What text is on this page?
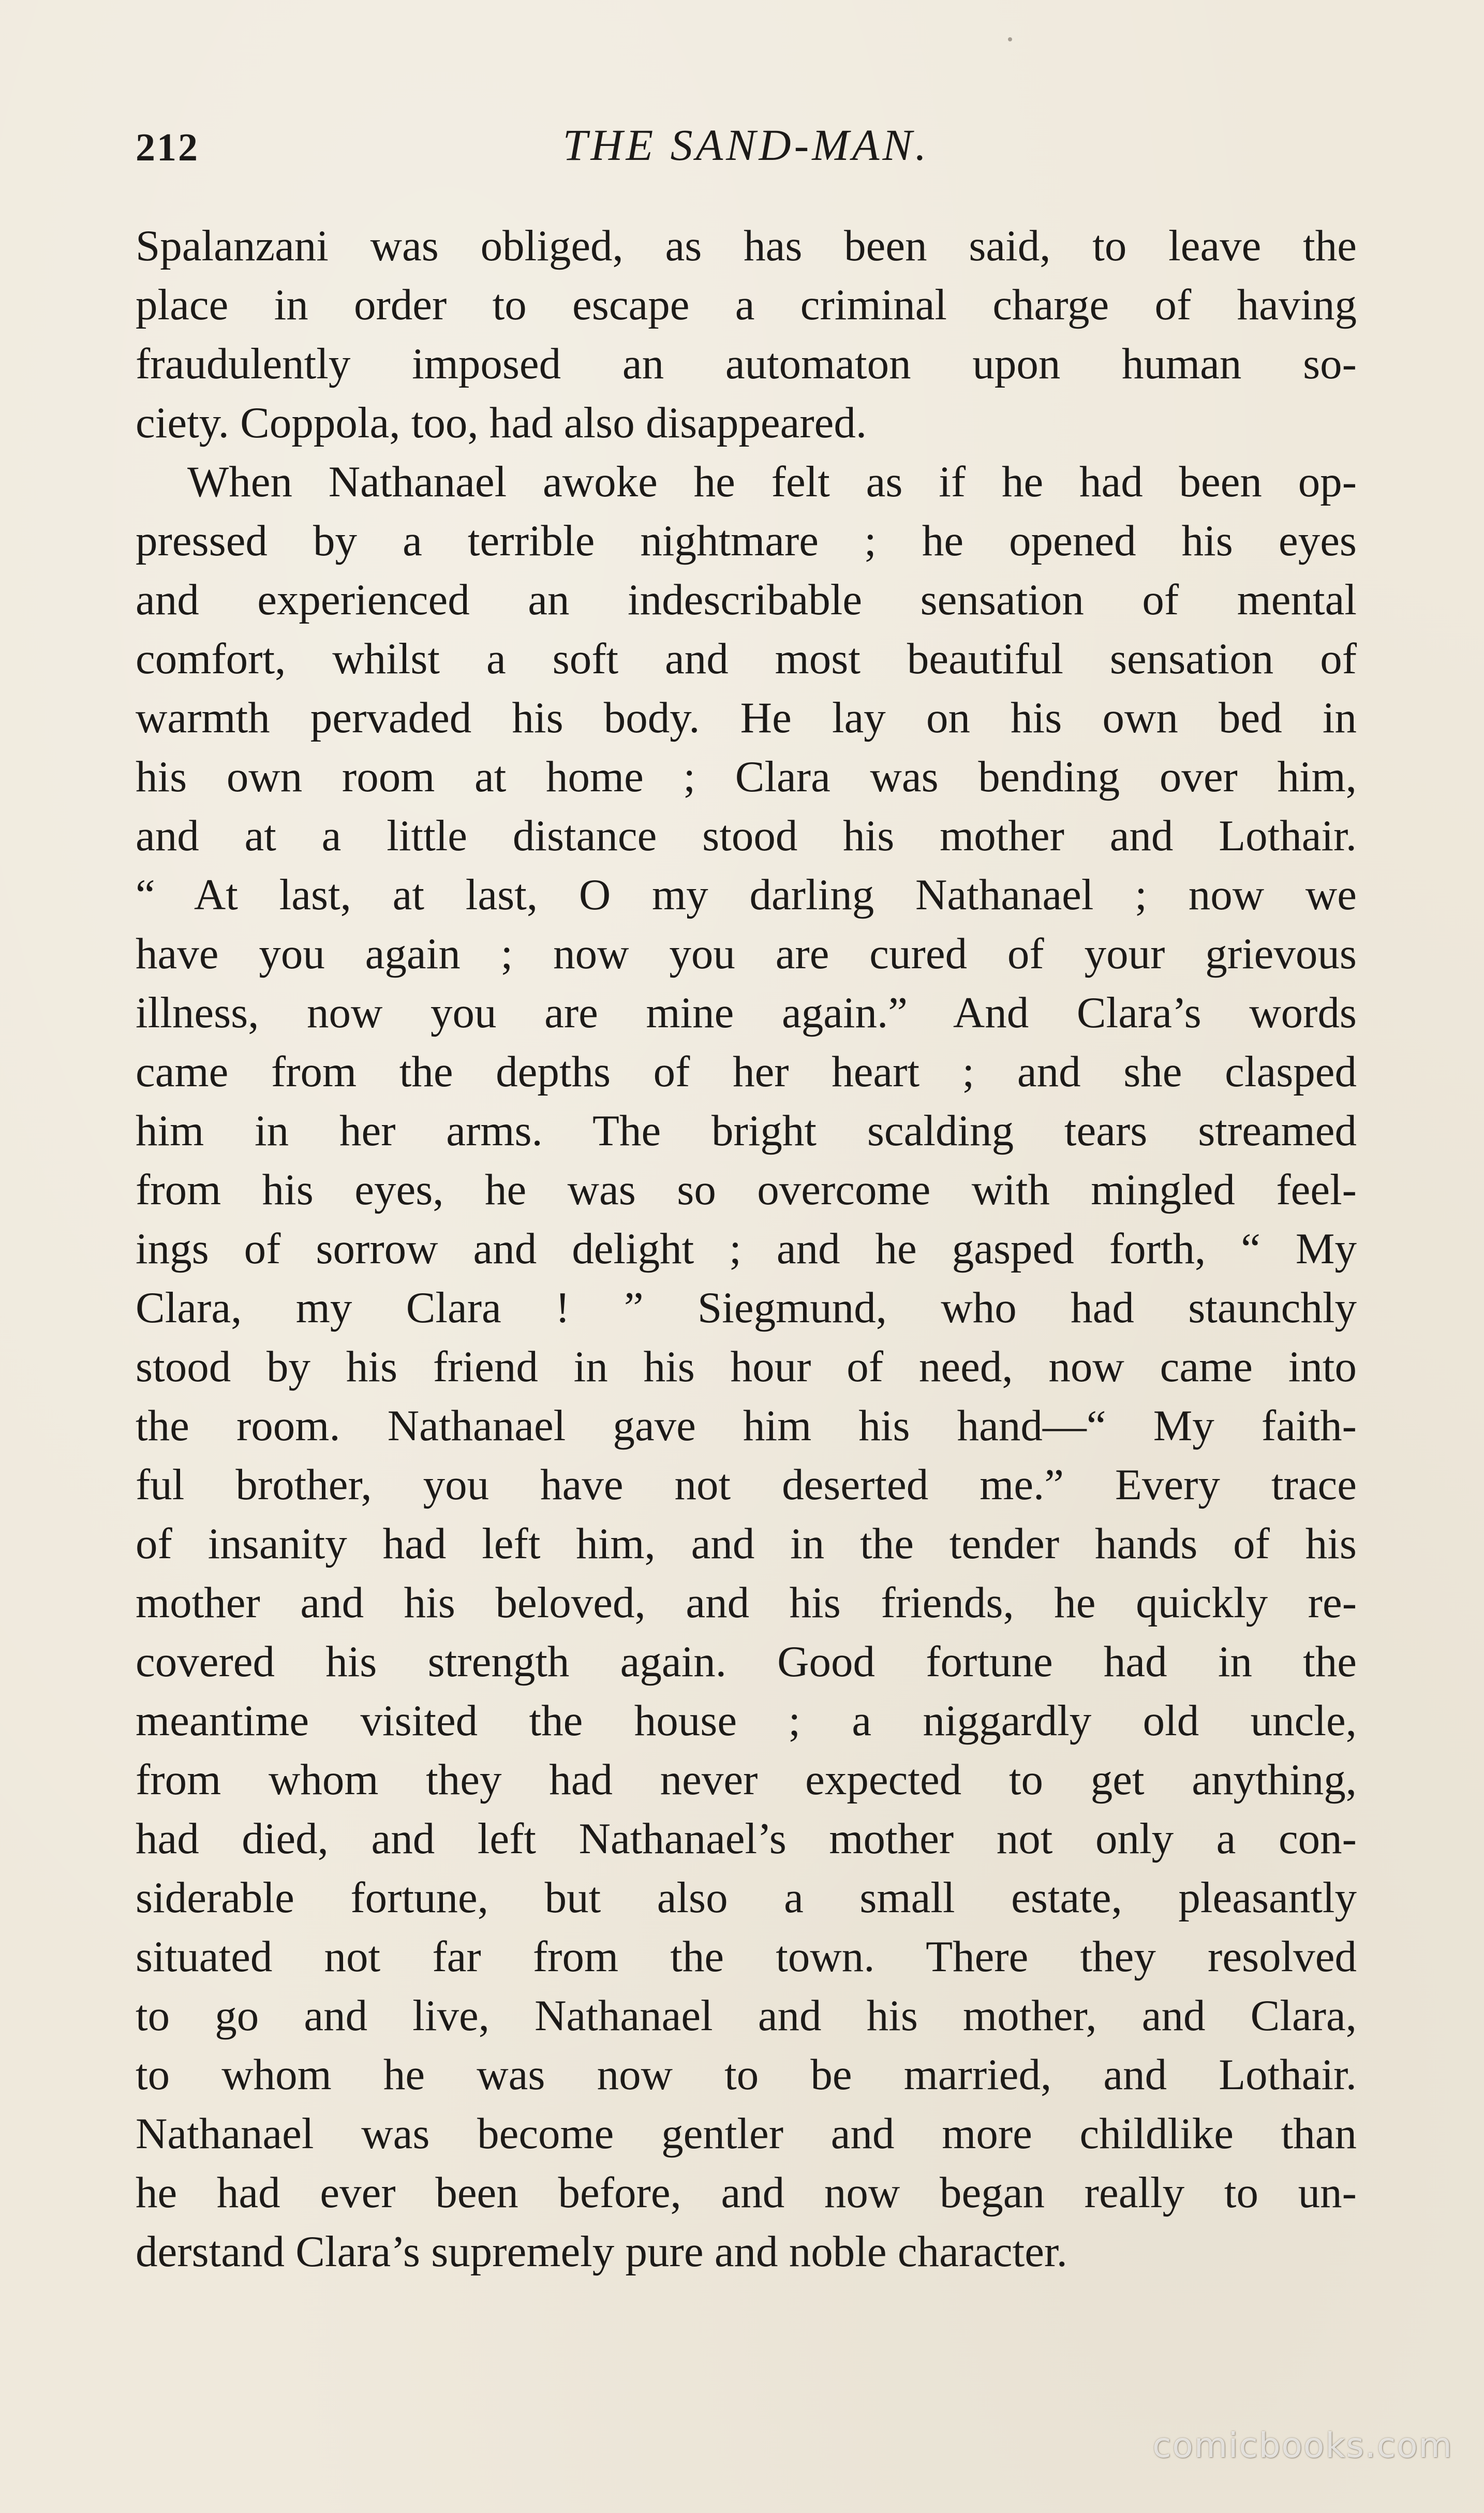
212	THE SAND-MAN.
Spalanzani was obliged, as has been said, to leave the
place in order to escape a criminal charge of having
fraudulently imposed an automaton upon human so-
ciety. Coppola, too, had also disappeared.
When Nathanael awoke he felt as if he had been op-
pressed by a terrible nightmare ; he opened his eyes
and experienced an indescribable sensation of mental
comfort, whilst a soft and most beautiful sensation of
warmth pervaded his body. He lay on his own bed in
his own room at home ; Clara was bending over him,
and at a little distance stood his mother and Lothair.
“ At last, at last, O my darling Nathanael ; now we
have you again ; now you are cured of your grievous
illness, now you are mine again.” And Clara’s words
came from the depths of her heart ; and she clasped
him in her arms. The bright scalding tears streamed
from his eyes, he was so overcome with mingled feel-
ings of sorrow and delight ; and he gasped forth, “ My
Clara, my Clara ! ” Siegmund, who had staunchly
stood by his friend in his hour of need, now came into
the room. Nathanael gave him his hand—“ My faith-
ful brother, you have not deserted me.” Every trace
of insanity had left him, and in the tender hands of his
mother and his beloved, and his friends, he quickly re-
covered his strength again. Good fortune had in the
meantime visited the house ; a niggardly old uncle,
from whom they had never expected to get anything,
had died, and left Nathanael’s mother not only a con-
siderable fortune, but also a small estate, pleasantly
situated not far from the town. There they resolved
to go and live, Nathanael and his mother, and Clara,
to whom he was now to be married, and Lothair.
Nathanael was become gentler and more childlike than
he had ever been before, and now began really to un-
derstand Clara’s supremely pure and noble character.
comicbooks.com
